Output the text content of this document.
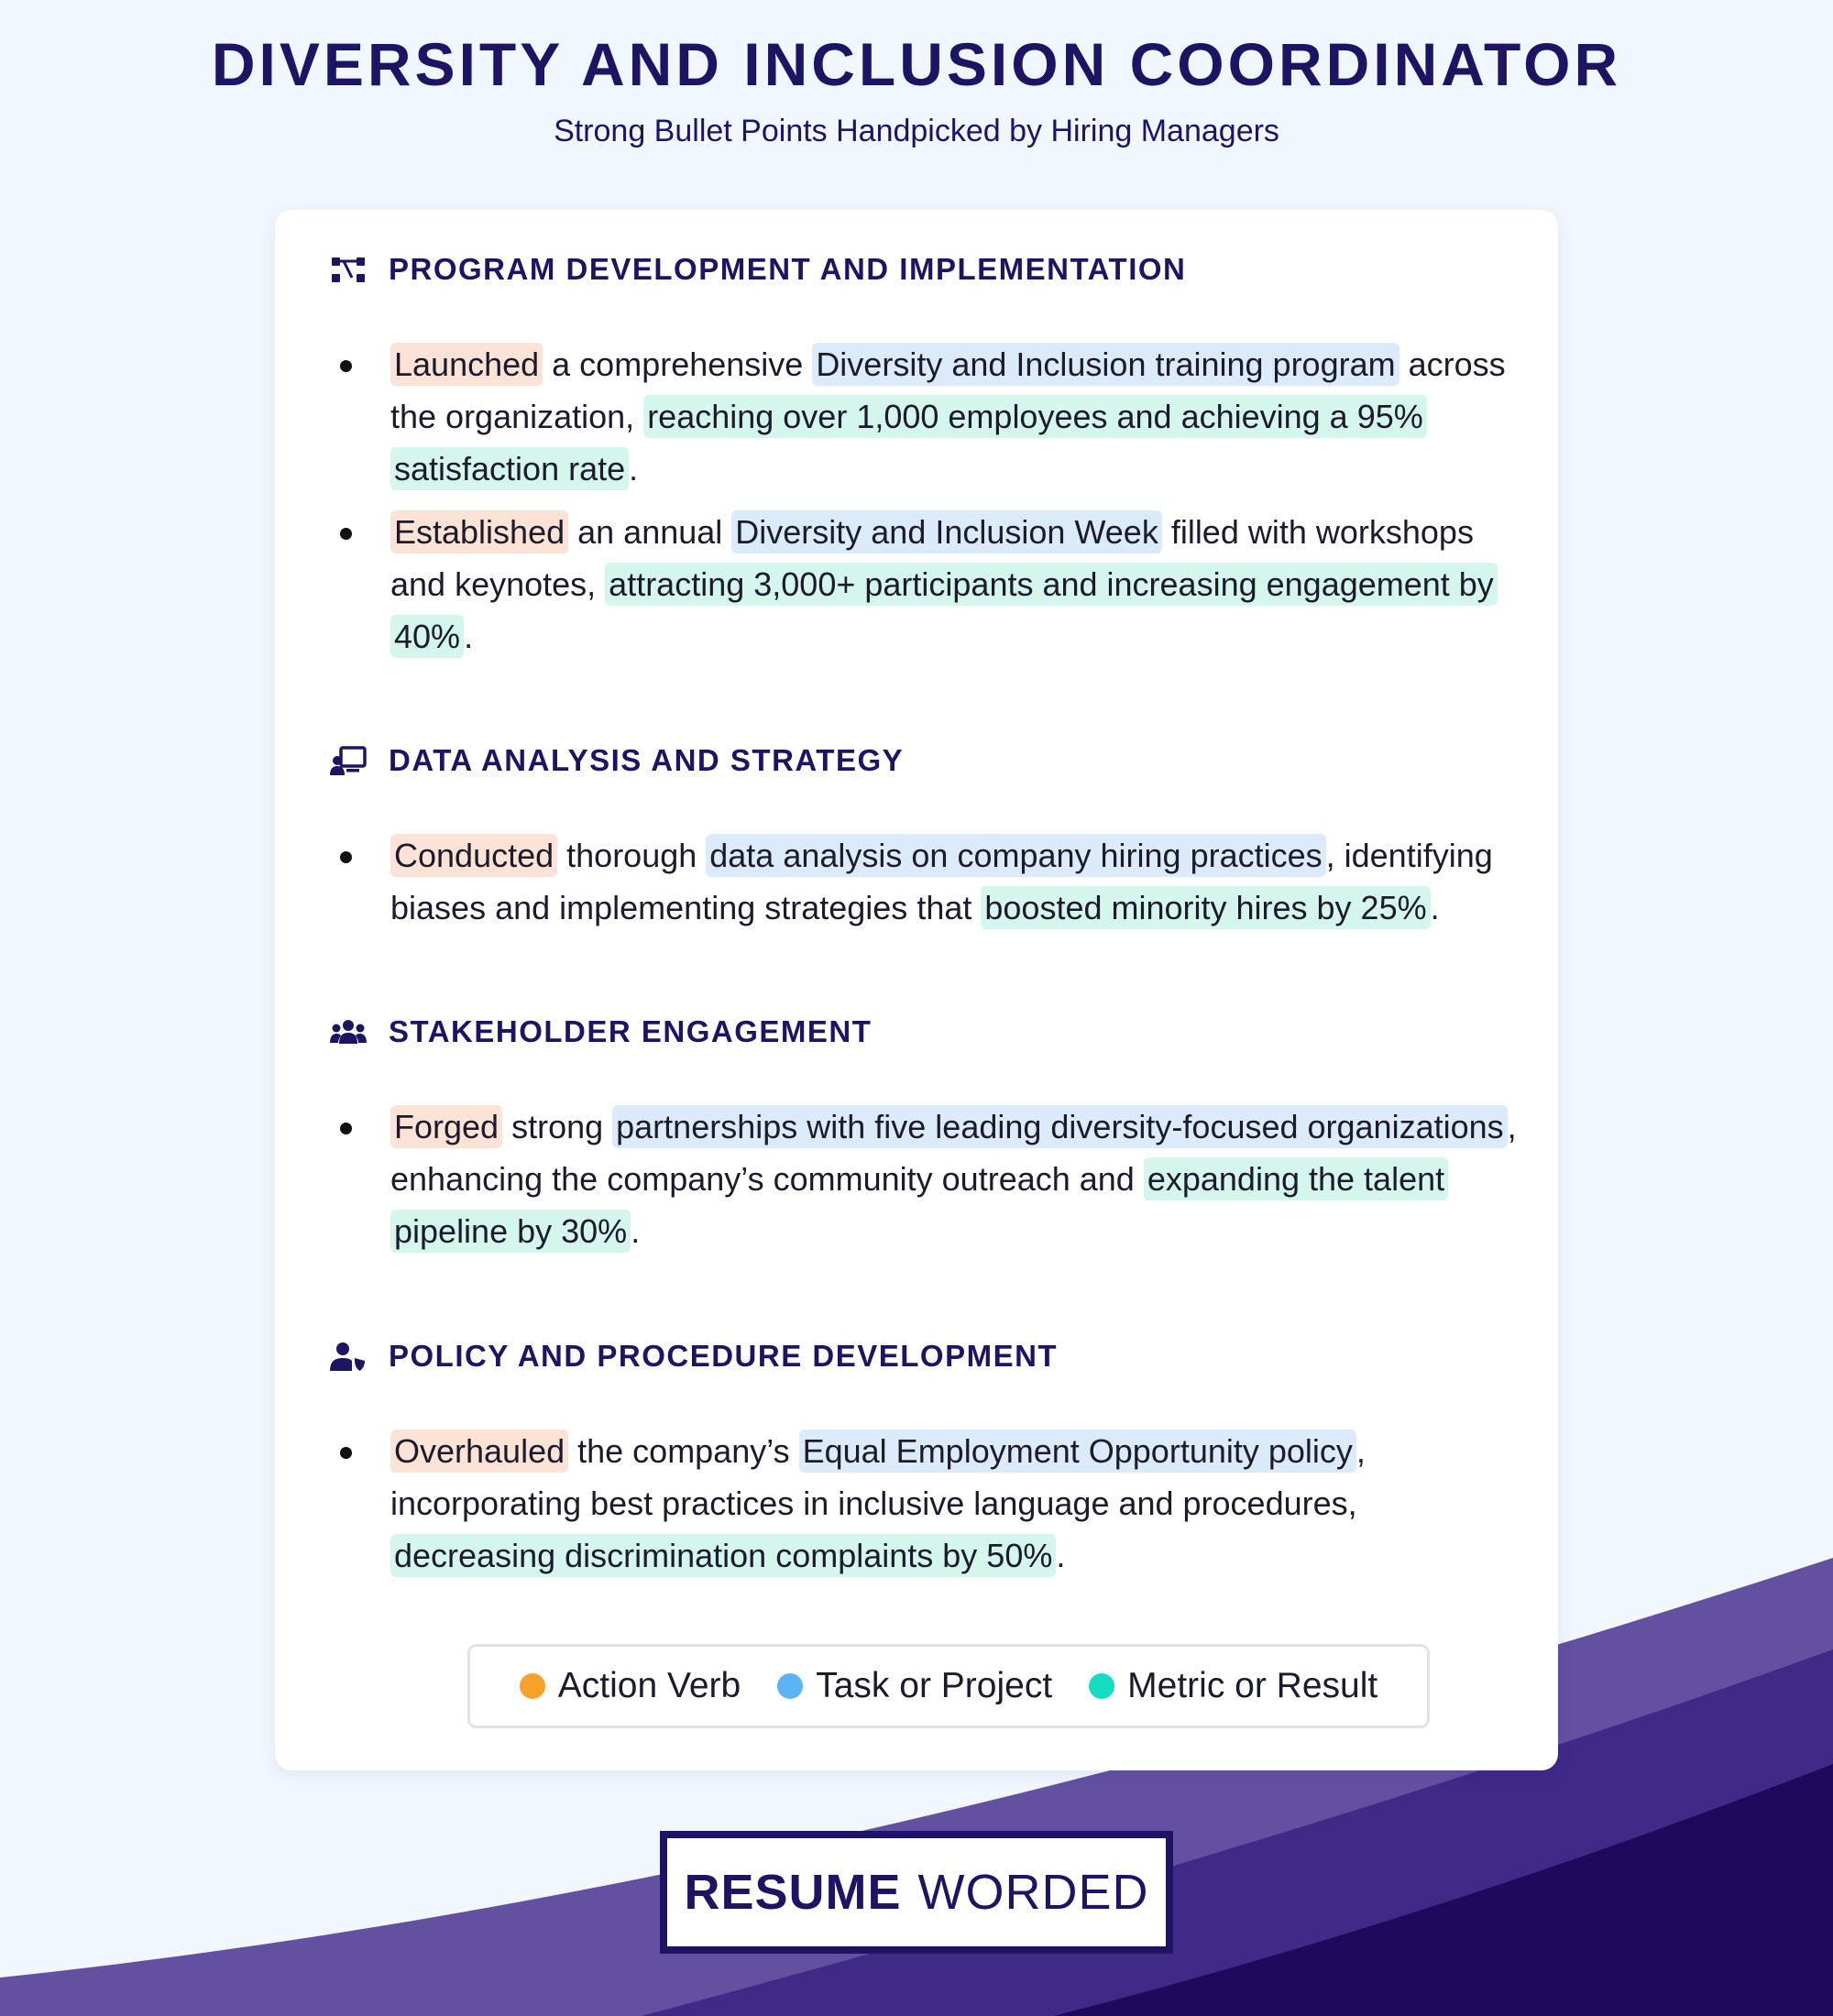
DIVERSITY AND INCLUSION COORDINATOR
Strong Bullet Points Handpicked by Hiring Managers
PROGRAM DEVELOPMENT AND IMPLEMENTATION
Launched a comprehensive Diversity and Inclusion training program across the organization, reaching over 1,000 employees and achieving a 95% satisfaction rate .
Established an annual Diversity and Inclusion Week filled with workshops and keynotes, attracting 3,000+ participants and increasing engagement by 40% .
DATA ANALYSIS AND STRATEGY
Conducted thorough data analysis on company hiring practices , identifying biases and implementing strategies that boosted minority hires by 25% .
STAKEHOLDER ENGAGEMENT
Forged strong partnerships with five leading diversity-focused organizations , enhancing the company’s community outreach and expanding the talent pipeline by 30% .
POLICY AND PROCEDURE DEVELOPMENT
Overhauled the company’s Equal Employment Opportunity policy , incorporating best practices in inclusive language and procedures, decreasing discrimination complaints by 50% .
Action Verb Task or Project Metric or Result
RESUME WORDED
